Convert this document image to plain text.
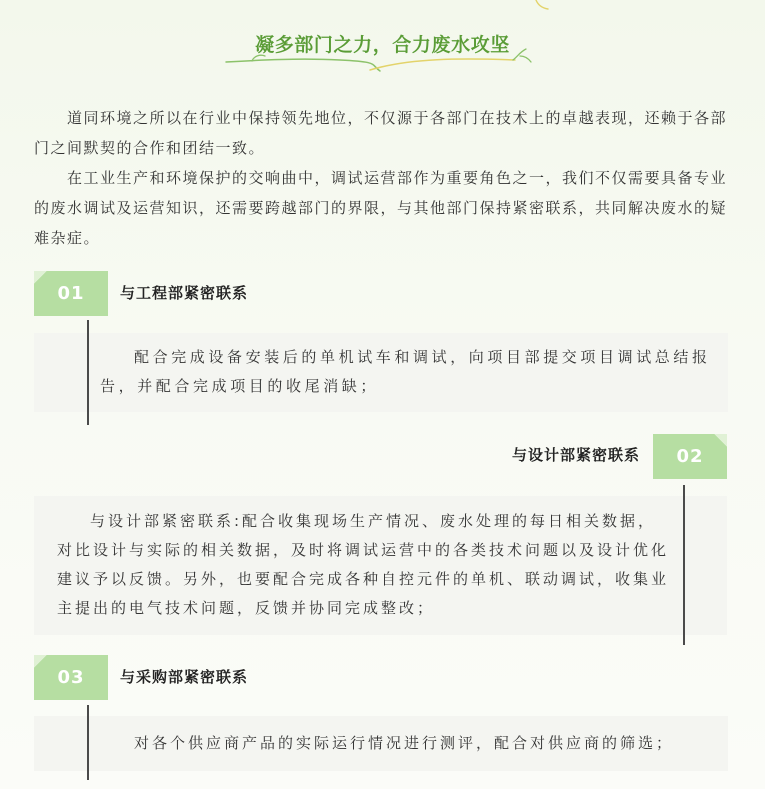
凝多部门之力，合力废水攻坚

道同环境之所以在行业中保持领先地位，不仅源于各部门在技术上的卓越表现，还赖于各部门之间默契的合作和团结一致。

在工业生产和环境保护的交响曲中，调试运营部作为重要角色之一，我们不仅需要具备专业的废水调试及运营知识，还需要跨越部门的界限，与其他部门保持紧密联系，共同解决废水的疑难杂症。

01	与工程部紧密联系

配合完成设备安装后的单机试车和调试，向项目部提交项目调试总结报告，并配合完成项目的收尾消缺；

与设计部紧密联系	02

与设计部紧密联系:配合收集现场生产情况、废水处理的每日相关数据，对比设计与实际的相关数据，及时将调试运营中的各类技术问题以及设计优化建议予以反馈。另外，也要配合完成各种自控元件的单机、联动调试，收集业主提出的电气技术问题，反馈并协同完成整改；

03	与采购部紧密联系

对各个供应商产品的实际运行情况进行测评，配合对供应商的筛选；
